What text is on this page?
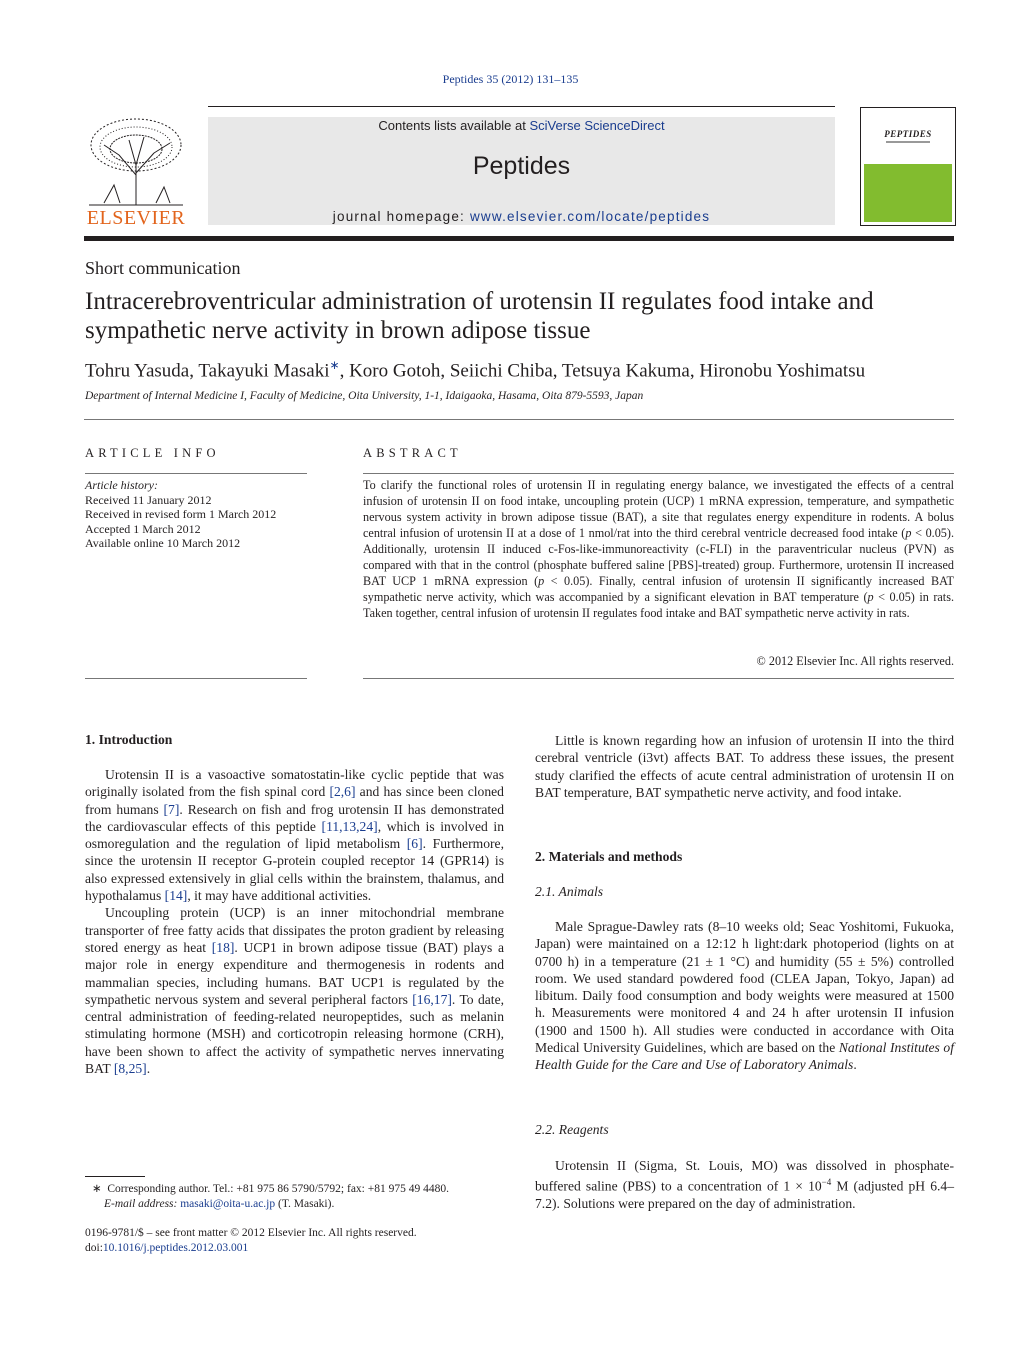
Peptides 35 (2012) 131–135
ELSEVIER
Contents lists available at SciVerse ScienceDirect
Peptides
journal homepage: www.elsevier.com/locate/peptides
PEPTIDES
Short communication
Intracerebroventricular administration of urotensin II regulates food intake and sympathetic nerve activity in brown adipose tissue
Tohru Yasuda, Takayuki Masaki∗, Koro Gotoh, Seiichi Chiba, Tetsuya Kakuma, Hironobu Yoshimatsu
Department of Internal Medicine I, Faculty of Medicine, Oita University, 1-1, Idaigaoka, Hasama, Oita 879-5593, Japan
ARTICLE INFO
Article history:
Received 11 January 2012
Received in revised form 1 March 2012
Accepted 1 March 2012
Available online 10 March 2012
ABSTRACT
To clarify the functional roles of urotensin II in regulating energy balance, we investigated the effects of a central infusion of urotensin II on food intake, uncoupling protein (UCP) 1 mRNA expression, temperature, and sympathetic nervous system activity in brown adipose tissue (BAT), a site that regulates energy expenditure in rodents. A bolus central infusion of urotensin II at a dose of 1 nmol/rat into the third cerebral ventricle decreased food intake (p < 0.05). Additionally, urotensin II induced c-Fos-like-immunoreactivity (c-FLI) in the paraventricular nucleus (PVN) as compared with that in the control (phosphate buffered saline [PBS]-treated) group. Furthermore, urotensin II increased BAT UCP 1 mRNA expression (p < 0.05). Finally, central infusion of urotensin II significantly increased BAT sympathetic nerve activity, which was accompanied by a significant elevation in BAT temperature (p < 0.05) in rats. Taken together, central infusion of urotensin II regulates food intake and BAT sympathetic nerve activity in rats.
© 2012 Elsevier Inc. All rights reserved.
1. Introduction

Urotensin II is a vasoactive somatostatin-like cyclic peptide that was originally isolated from the fish spinal cord [2,6] and has since been cloned from humans [7]. Research on fish and frog urotensin II has demonstrated the cardiovascular effects of this peptide [11,13,24], which is involved in osmoregulation and the regulation of lipid metabolism [6]. Furthermore, since the urotensin II receptor G-protein coupled receptor 14 (GPR14) is also expressed extensively in glial cells within the brainstem, thalamus, and hypothalamus [14], it may have additional activities.

Uncoupling protein (UCP) is an inner mitochondrial membrane transporter of free fatty acids that dissipates the proton gradient by releasing stored energy as heat [18]. UCP1 in brown adipose tissue (BAT) plays a major role in energy expenditure and thermogenesis in rodents and mammalian species, including humans. BAT UCP1 is regulated by the sympathetic nervous system and several peripheral factors [16,17]. To date, central administration of feeding-related neuropeptides, such as melanin stimulating hormone (MSH) and corticotropin releasing hormone (CRH), have been shown to affect the activity of sympathetic nerves innervating BAT [8,25].

Little is known regarding how an infusion of urotensin II into the third cerebral ventricle (i3vt) affects BAT. To address these issues, the present study clarified the effects of acute central administration of urotensin II on BAT temperature, BAT sympathetic nerve activity, and food intake.

2. Materials and methods
2.1. Animals

Male Sprague-Dawley rats (8–10 weeks old; Seac Yoshitomi, Fukuoka, Japan) were maintained on a 12:12 h light:dark photoperiod (lights on at 0700 h) in a temperature (21 ± 1 °C) and humidity (55 ± 5%) controlled room. We used standard powdered food (CLEA Japan, Tokyo, Japan) ad libitum. Daily food consumption and body weights were measured at 1500 h. Measurements were monitored 4 and 24 h after urotensin II infusion (1900 and 1500 h). All studies were conducted in accordance with Oita Medical University Guidelines, which are based on the National Institutes of Health Guide for the Care and Use of Laboratory Animals.

2.2. Reagents

Urotensin II (Sigma, St. Louis, MO) was dissolved in phosphate-buffered saline (PBS) to a concentration of $1 \times 10^{-4}$ M (adjusted pH 6.4–7.2). Solutions were prepared on the day of administration.

∗ Corresponding author. Tel.: +81 975 86 5790/5792; fax: +81 975 49 4480.
E-mail address: masaki@oita-u.ac.jp (T. Masaki).
0196-9781/$ – see front matter © 2012 Elsevier Inc. All rights reserved.
doi:10.1016/j.peptides.2012.03.001
